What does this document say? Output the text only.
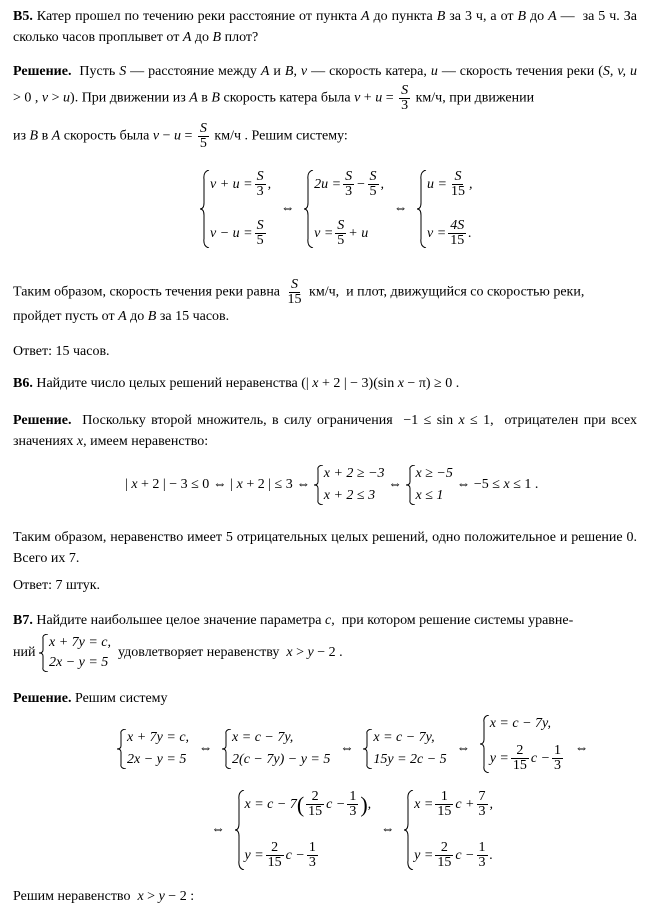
B5. Катер прошел по течению реки расстояние от пункта A до пункта B за 3 ч, а от B до A —  за 5 ч. За сколько часов проплывет от A до B плот?
Решение.  Пусть S — расстояние между A и B, v — скорость катера, u — скорость течения реки (S, v, u > 0 , v > u). При движении из A в B скорость катера была $v + u = \frac{S}{3} км/ч$, при движении
из B в A скорость была $v - u = \frac{S}{5} км/ч$ . Решим систему:
v + u = S
3 ,
v − u = S
5
⇔
2u = S
3 − S
5 ,
v = S
5 + u
⇔
u = S
15 ,
v = 4S
15 .
Таким образом, скорость течения реки равна $\frac{S}{15} км/ч$,  и плот, движущийся со скоростью реки,
пройдет пусть от A до B за 15 часов.
Ответ: 15 часов.
B6. Найдите число целых решений неравенства (| x + 2 | − 3)(sin x − π) ≥ 0 .
Решение.  Поскольку второй множитель, в силу ограничения  −1 ≤ sin x ≤ 1,  отрицателен при всех значениях x, имеем неравенство:
| x + 2 | − 3 ≤ 0 ⇔ | x + 2 | ≤ 3 ⇔
x + 2 ≥ −3
x + 2 ≤ 3
⇔
x ≥ −5
x ≤ 1
⇔ −5 ≤ x ≤ 1 .
Таким образом, неравенство имеет 5 отрицательных целых решений, одно положительное и решение 0. Всего их 7.
Ответ: 7 штук.
B7. Найдите наибольшее целое значение параметра c,  при котором решение системы уравне-
ний
x + 7y = c,
2x − y = 5
удовлетворяет неравенству  x > y − 2 .
Решение. Решим систему
x + 7y = c,
2x − y = 5
⇔
x = c − 7y,
2(c − 7y) − y = 5
⇔
x = c − 7y,
15y = 2c − 5
⇔
x = c − 7y,
y = 2
15 c − 1
3
⇔
⇔
x = c − 7 ( 2
15 c − 1
3 ) ,
y = 2
15 c − 1
3
⇔
x = 1
15 c + 7
3 ,
y = 2
15 c − 1
3 .
Решим неравенство  x > y − 2 :
